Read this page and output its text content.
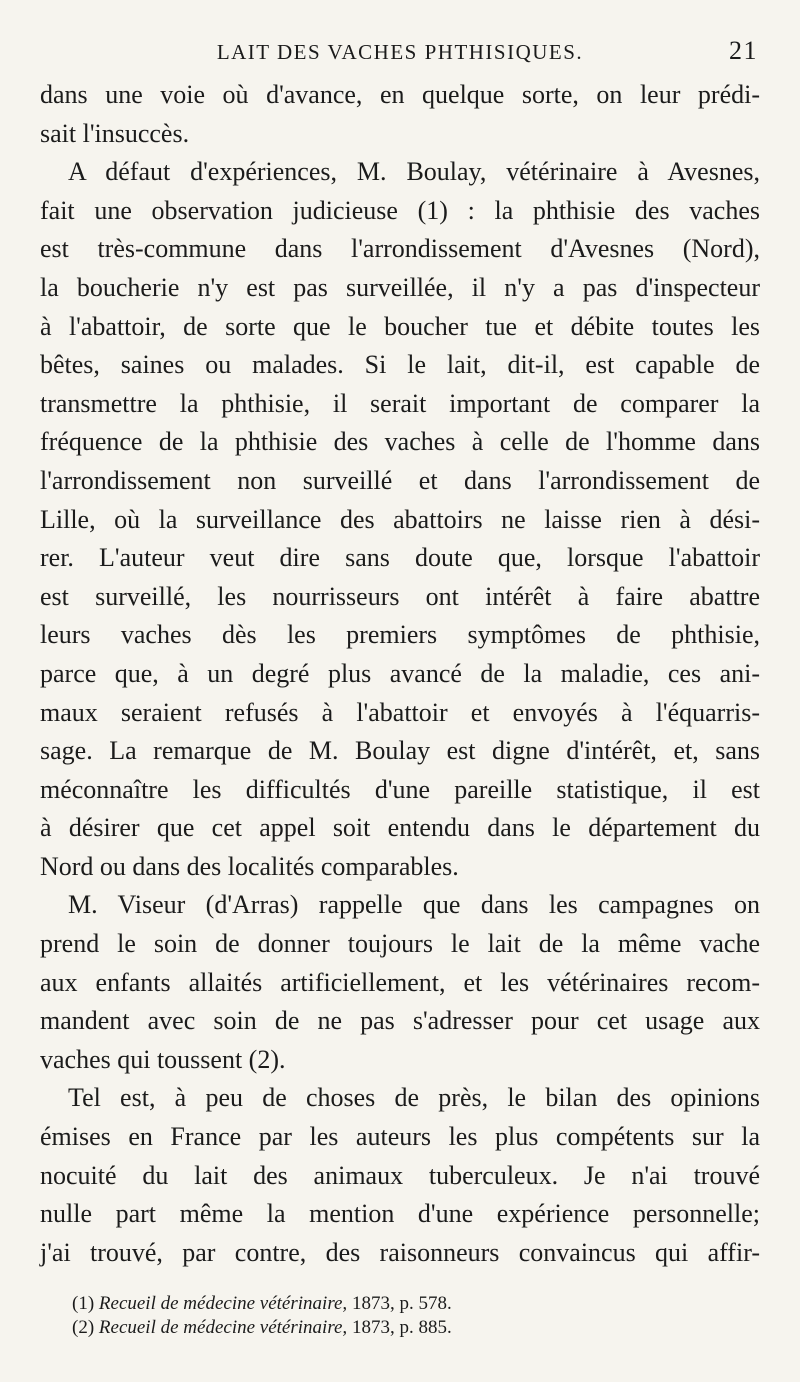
LAIT DES VACHES PHTHISIQUES.	21
dans une voie où d'avance, en quelque sorte, on leur prédi-
sait l'insuccès.
A défaut d'expériences, M. Boulay, vétérinaire à Avesnes,
fait une observation judicieuse (1) : la phthisie des vaches
est très-commune dans l'arrondissement d'Avesnes (Nord),
la boucherie n'y est pas surveillée, il n'y a pas d'inspecteur
à l'abattoir, de sorte que le boucher tue et débite toutes les
bêtes, saines ou malades. Si le lait, dit-il, est capable de
transmettre la phthisie, il serait important de comparer la
fréquence de la phthisie des vaches à celle de l'homme dans
l'arrondissement non surveillé et dans l'arrondissement de
Lille, où la surveillance des abattoirs ne laisse rien à dési-
rer. L'auteur veut dire sans doute que, lorsque l'abattoir
est surveillé, les nourrisseurs ont intérêt à faire abattre
leurs vaches dès les premiers symptômes de phthisie,
parce que, à un degré plus avancé de la maladie, ces ani-
maux seraient refusés à l'abattoir et envoyés à l'équarris-
sage. La remarque de M. Boulay est digne d'intérêt, et, sans
méconnaître les difficultés d'une pareille statistique, il est
à désirer que cet appel soit entendu dans le département du
Nord ou dans des localités comparables.
M. Viseur (d'Arras) rappelle que dans les campagnes on
prend le soin de donner toujours le lait de la même vache
aux enfants allaités artificiellement, et les vétérinaires recom-
mandent avec soin de ne pas s'adresser pour cet usage aux
vaches qui toussent (2).
Tel est, à peu de choses de près, le bilan des opinions
émises en France par les auteurs les plus compétents sur la
nocuité du lait des animaux tuberculeux. Je n'ai trouvé
nulle part même la mention d'une expérience personnelle;
j'ai trouvé, par contre, des raisonneurs convaincus qui affir-
(1) Recueil de médecine vétérinaire, 1873, p. 578.
(2) Recueil de médecine vétérinaire, 1873, p. 885.
